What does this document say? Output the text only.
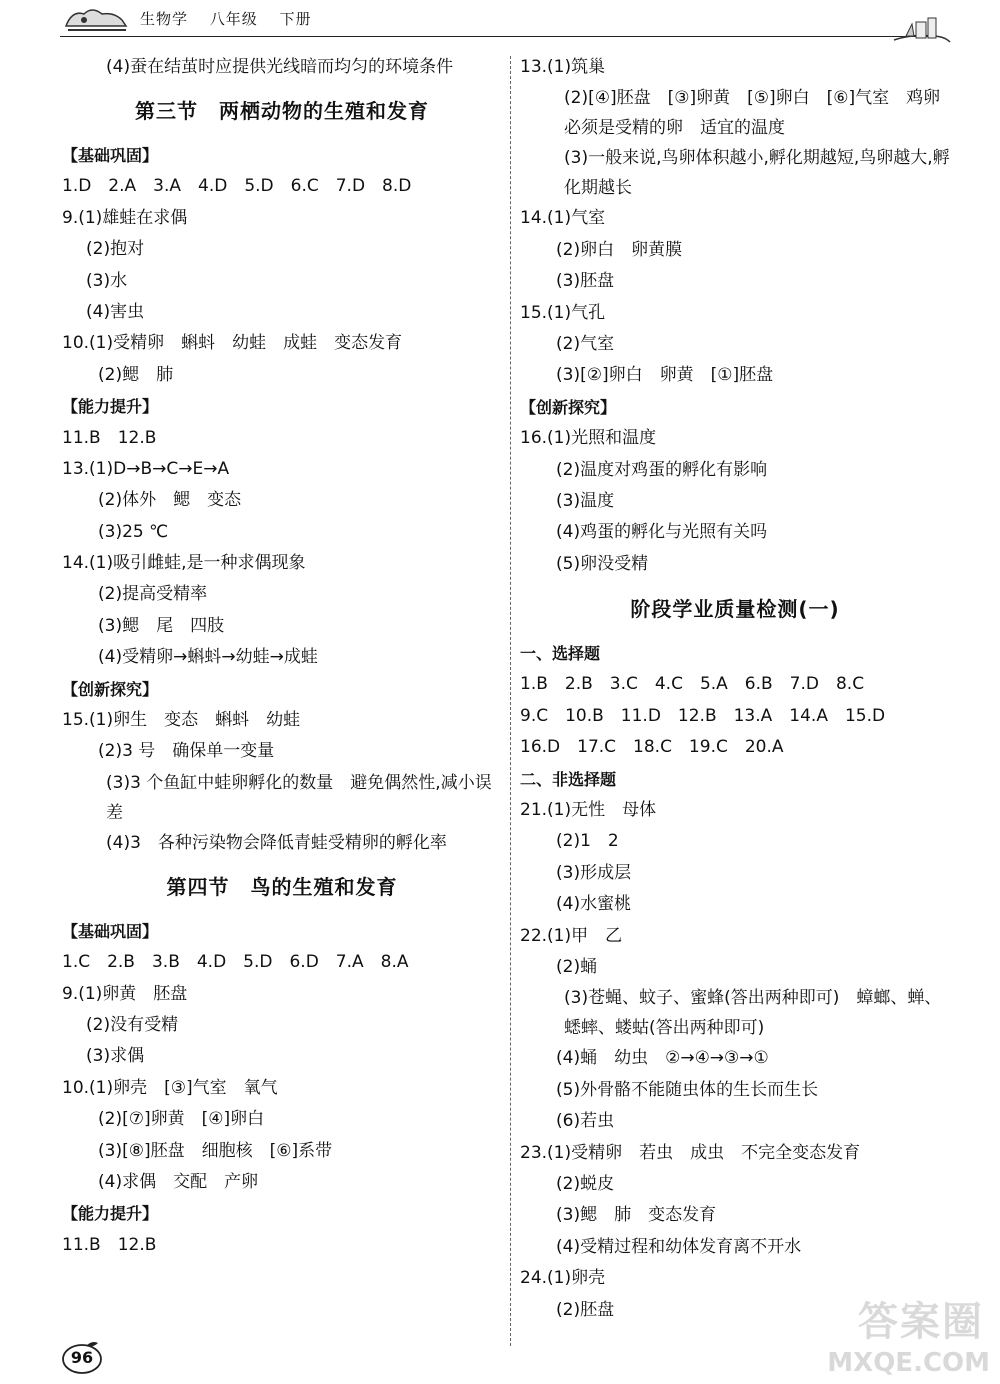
生物学 八年级 下册
(4)蚕在结茧时应提供光线暗而均匀的环境条件
第三节　两栖动物的生殖和发育
【基础巩固】
1.D　2.A　3.A　4.D　5.D　6.C　7.D　8.D
9.(1)雄蛙在求偶
(2)抱对
(3)水
(4)害虫
10.(1)受精卵　蝌蚪　幼蛙　成蛙　变态发育
(2)鳃　肺
【能力提升】
11.B　12.B
13.(1)D→B→C→E→A
(2)体外　鳃　变态
(3)25 ℃
14.(1)吸引雌蛙,是一种求偶现象
(2)提高受精率
(3)鳃　尾　四肢
(4)受精卵→蝌蚪→幼蛙→成蛙
【创新探究】
15.(1)卵生　变态　蝌蚪　幼蛙
(2)3 号　确保单一变量
(3)3 个鱼缸中蛙卵孵化的数量　避免偶然性,减小误差
(4)3　各种污染物会降低青蛙受精卵的孵化率
第四节　鸟的生殖和发育
【基础巩固】
1.C　2.B　3.B　4.D　5.D　6.D　7.A　8.A
9.(1)卵黄　胚盘
(2)没有受精
(3)求偶
10.(1)卵壳　[③]气室　氧气
(2)[⑦]卵黄　[④]卵白
(3)[⑧]胚盘　细胞核　[⑥]系带
(4)求偶　交配　产卵
【能力提升】
11.B　12.B
13.(1)筑巢
(2)[④]胚盘　[③]卵黄　[⑤]卵白　[⑥]气室　鸡卵必须是受精的卵　适宜的温度
(3)一般来说,鸟卵体积越小,孵化期越短,鸟卵越大,孵化期越长
14.(1)气室
(2)卵白　卵黄膜
(3)胚盘
15.(1)气孔
(2)气室
(3)[②]卵白　卵黄　[①]胚盘
【创新探究】
16.(1)光照和温度
(2)温度对鸡蛋的孵化有影响
(3)温度
(4)鸡蛋的孵化与光照有关吗
(5)卵没受精
阶段学业质量检测(一)
一、选择题
1.B　2.B　3.C　4.C　5.A　6.B　7.D　8.C
9.C　10.B　11.D　12.B　13.A　14.A　15.D
16.D　17.C　18.C　19.C　20.A
二、非选择题
21.(1)无性　母体
(2)1　2
(3)形成层
(4)水蜜桃
22.(1)甲　乙
(2)蛹
(3)苍蝇、蚊子、蜜蜂(答出两种即可)　蟑螂、蝉、蟋蟀、蝼蛄(答出两种即可)
(4)蛹　幼虫　②→④→③→①
(5)外骨骼不能随虫体的生长而生长
(6)若虫
23.(1)受精卵　若虫　成虫　不完全变态发育
(2)蜕皮
(3)鳃　肺　变态发育
(4)受精过程和幼体发育离不开水
24.(1)卵壳
(2)胚盘
96
答案圈
MXQE.COM
